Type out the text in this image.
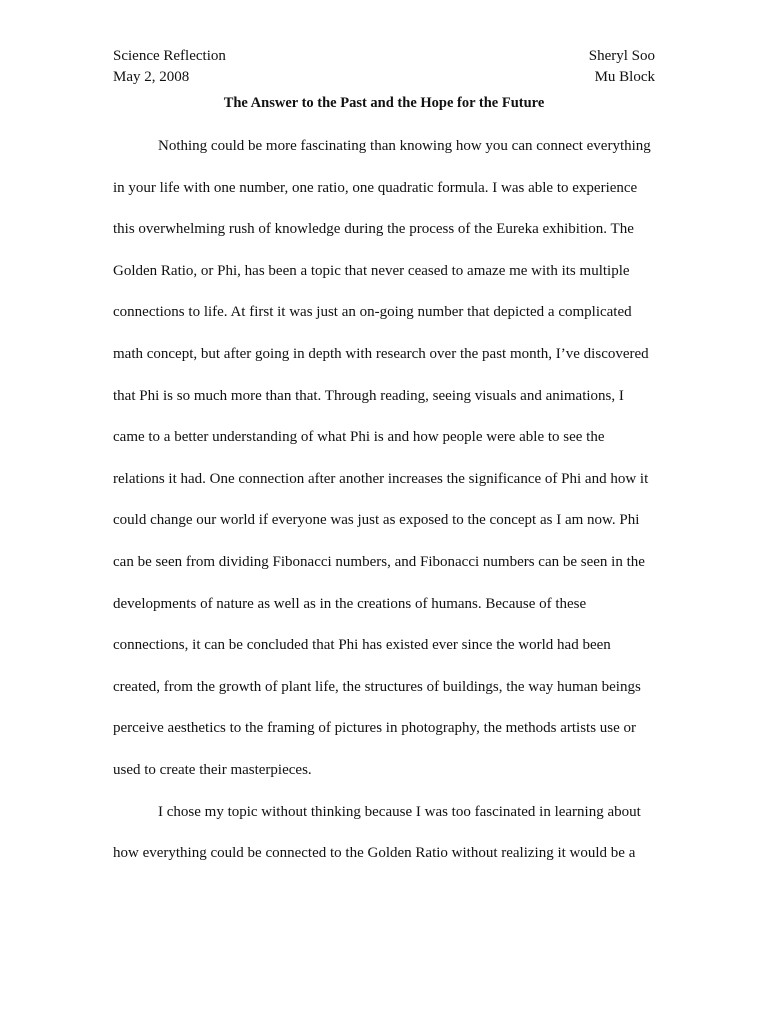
Science Reflection	Sheryl Soo
May 2, 2008	Mu Block
The Answer to the Past and the Hope for the Future
Nothing could be more fascinating than knowing how you can connect everything
in your life with one number, one ratio, one quadratic formula. I was able to experience
this overwhelming rush of knowledge during the process of the Eureka exhibition. The
Golden Ratio, or Phi, has been a topic that never ceased to amaze me with its multiple
connections to life. At first it was just an on-going number that depicted a complicated
math concept, but after going in depth with research over the past month, I’ve discovered
that Phi is so much more than that. Through reading, seeing visuals and animations, I
came to a better understanding of what Phi is and how people were able to see the
relations it had. One connection after another increases the significance of Phi and how it
could change our world if everyone was just as exposed to the concept as I am now. Phi
can be seen from dividing Fibonacci numbers, and Fibonacci numbers can be seen in the
developments of nature as well as in the creations of humans. Because of these
connections, it can be concluded that Phi has existed ever since the world had been
created, from the growth of plant life, the structures of buildings, the way human beings
perceive aesthetics to the framing of pictures in photography, the methods artists use or
used to create their masterpieces.
I chose my topic without thinking because I was too fascinated in learning about
how everything could be connected to the Golden Ratio without realizing it would be a
